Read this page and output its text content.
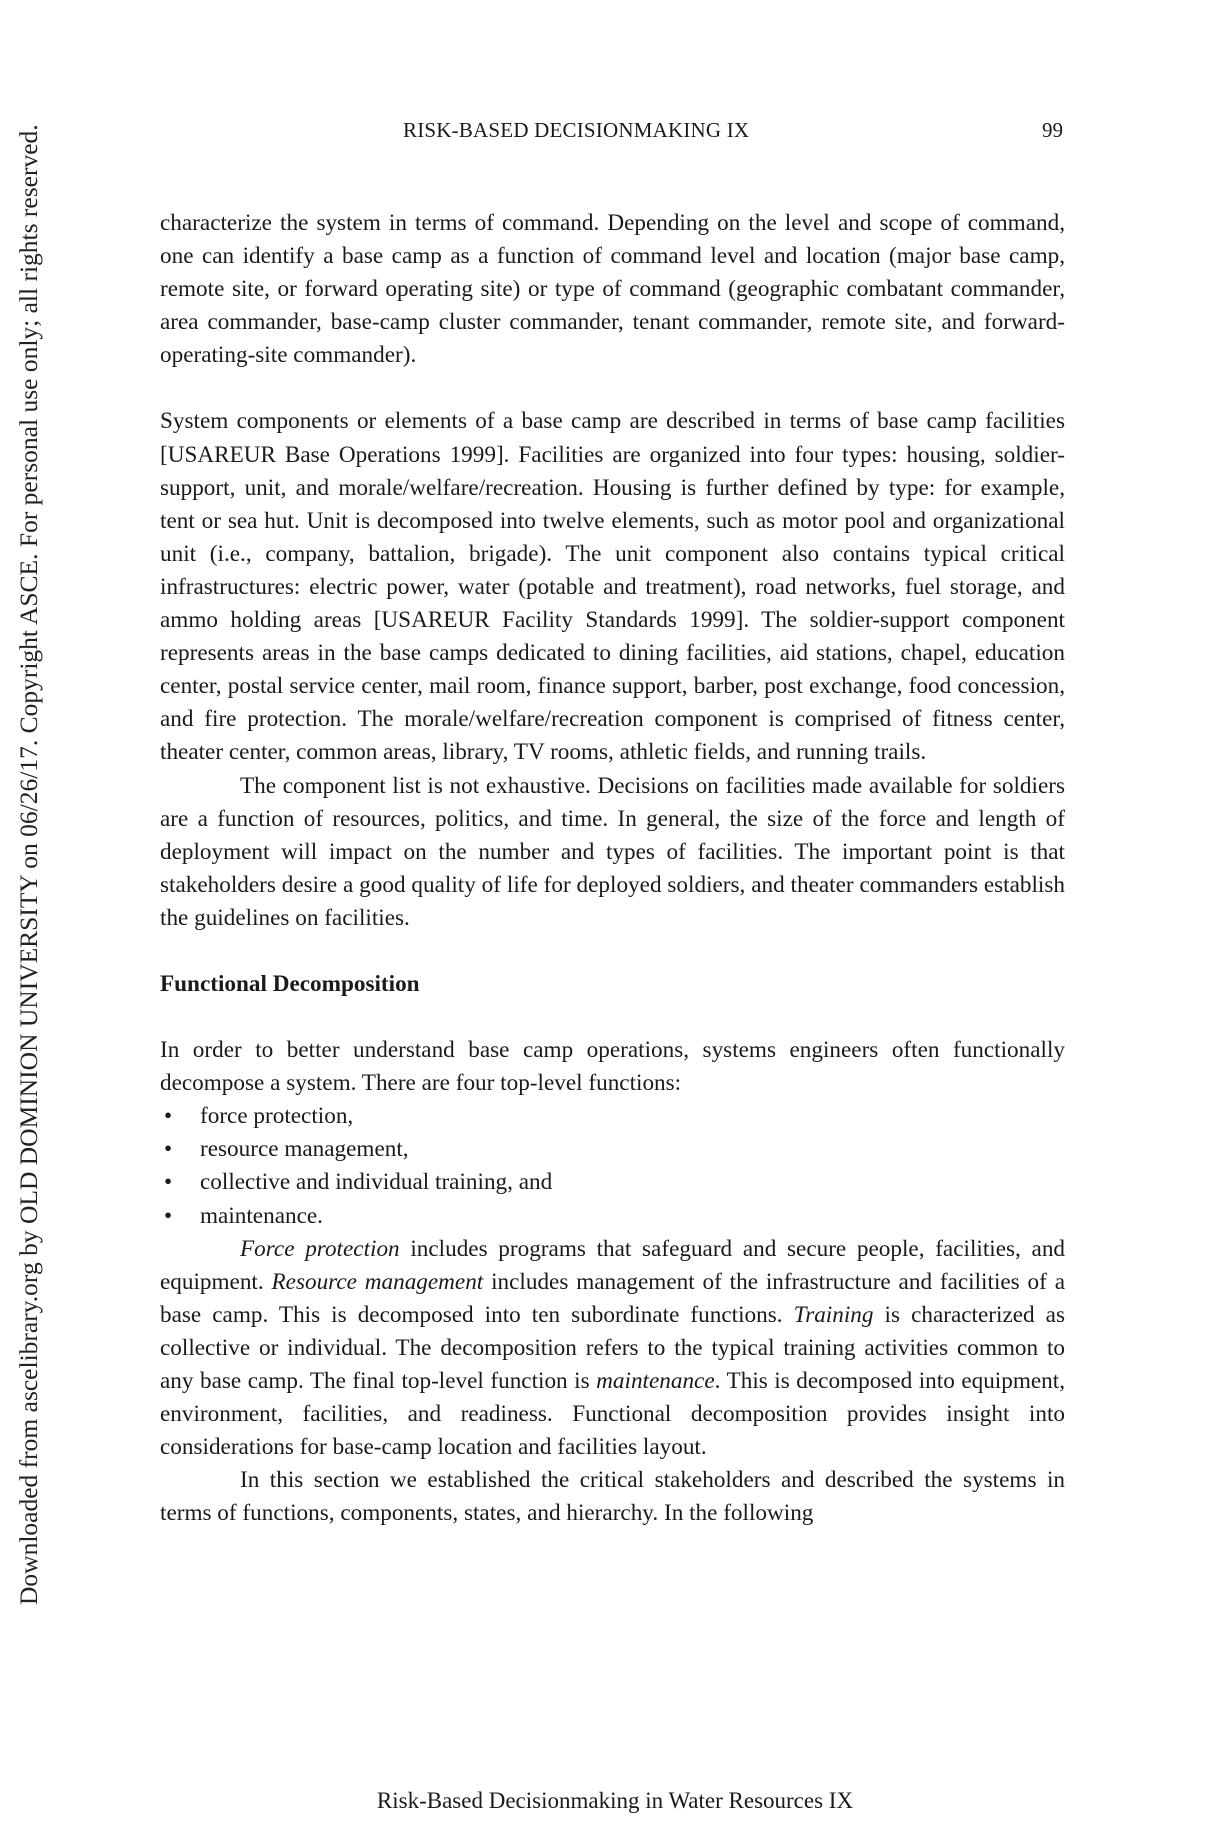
RISK-BASED DECISIONMAKING IX	99
Downloaded from ascelibrary.org by OLD DOMINION UNIVERSITY on 06/26/17. Copyright ASCE. For personal use only; all rights reserved.	characterize the system in terms of command. Depending on the level and scope of command, one can identify a base camp as a function of command level and location (major base camp, remote site, or forward operating site) or type of command (geographic combatant commander, area commander, base-camp cluster commander, tenant commander, remote site, and forward-operating-site commander).

System components or elements of a base camp are described in terms of base camp facilities [USAREUR Base Operations 1999]. Facilities are organized into four types: housing, soldier-support, unit, and morale/welfare/recreation. Housing is further defined by type: for example, tent or sea hut. Unit is decomposed into twelve elements, such as motor pool and organizational unit (i.e., company, battalion, brigade). The unit component also contains typical critical infrastructures: electric power, water (potable and treatment), road networks, fuel storage, and ammo holding areas [USAREUR Facility Standards 1999]. The soldier-support component represents areas in the base camps dedicated to dining facilities, aid stations, chapel, education center, postal service center, mail room, finance support, barber, post exchange, food concession, and fire protection. The morale/welfare/recreation component is comprised of fitness center, theater center, common areas, library, TV rooms, athletic fields, and running trails.

The component list is not exhaustive. Decisions on facilities made available for soldiers are a function of resources, politics, and time. In general, the size of the force and length of deployment will impact on the number and types of facilities. The important point is that stakeholders desire a good quality of life for deployed soldiers, and theater commanders establish the guidelines on facilities.

Functional Decomposition

In order to better understand base camp operations, systems engineers often functionally decompose a system. There are four top-level functions:

• force protection,
• resource management,
• collective and individual training, and
• maintenance.

Force protection includes programs that safeguard and secure people, facilities, and equipment. Resource management includes management of the infrastructure and facilities of a base camp. This is decomposed into ten subordinate functions. Training is characterized as collective or individual. The decomposition refers to the typical training activities common to any base camp. The final top-level function is maintenance. This is decomposed into equipment, environment, facilities, and readiness. Functional decomposition provides insight into considerations for base-camp location and facilities layout.

In this section we established the critical stakeholders and described the systems in terms of functions, components, states, and hierarchy. In the following

Risk-Based Decisionmaking in Water Resources IX
